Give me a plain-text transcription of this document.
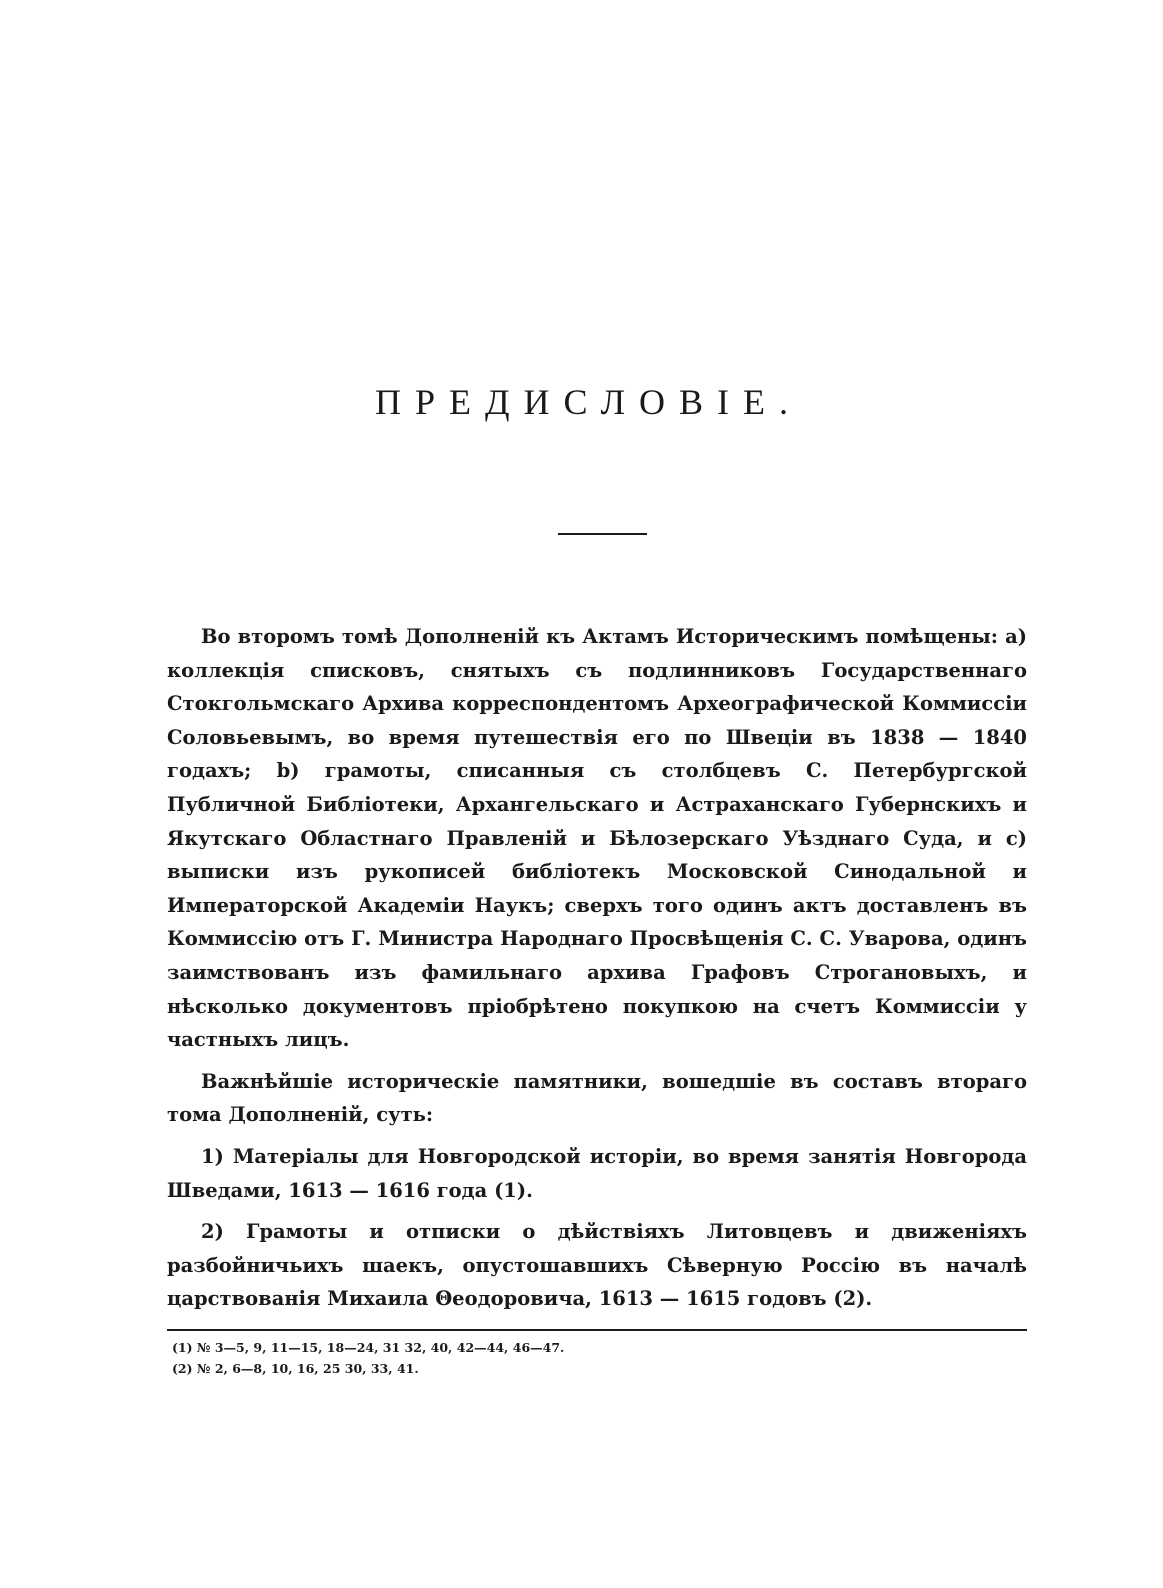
ПРЕДИСЛОВІЕ.

Во второмъ томѣ Дополненій къ Актамъ Историческимъ помѣщены: a) коллекція списковъ, снятыхъ съ подлинниковъ Государственнаго Стокгольмскаго Архива корреспондентомъ Археографической Коммиссіи Соловьевымъ, во время путешествія его по Швеціи въ 1838 — 1840 годахъ; b) грамоты, списанныя съ столбцевъ С. Петербургской Публичной Библіотеки, Архангельскаго и Астраханскаго Губернскихъ и Якутскаго Областнаго Правленій и Бѣлозерскаго Уѣзднаго Суда, и c) выписки изъ рукописей библіотекъ Московской Синодальной и Императорской Академіи Наукъ; сверхъ того одинъ актъ доставленъ въ Коммиссію отъ Г. Министра Народнаго Просвѣщенія С. С. Уварова, одинъ заимствованъ изъ фамильнаго архива Графовъ Строгановыхъ, и нѣсколько документовъ пріобрѣтено покупкою на счетъ Коммиссіи у частныхъ лицъ.

Важнѣйшіе историческіе памятники, вошедшіе въ составъ втораго тома Дополненій, суть:

1) Матеріалы для Новгородской исторіи, во время занятія Новгорода Шведами, 1613 — 1616 года (1).

2) Грамоты и отписки о дѣйствіяхъ Литовцевъ и движеніяхъ разбойничьихъ шаекъ, опустошавшихъ Сѣверную Россію въ началѣ царствованія Михаила Θеодоровича, 1613 — 1615 годовъ (2).

(1) № 3—5, 9, 11—15, 18—24, 31 32, 40, 42—44, 46—47.
(2) № 2, 6—8, 10, 16, 25 30, 33, 41.
